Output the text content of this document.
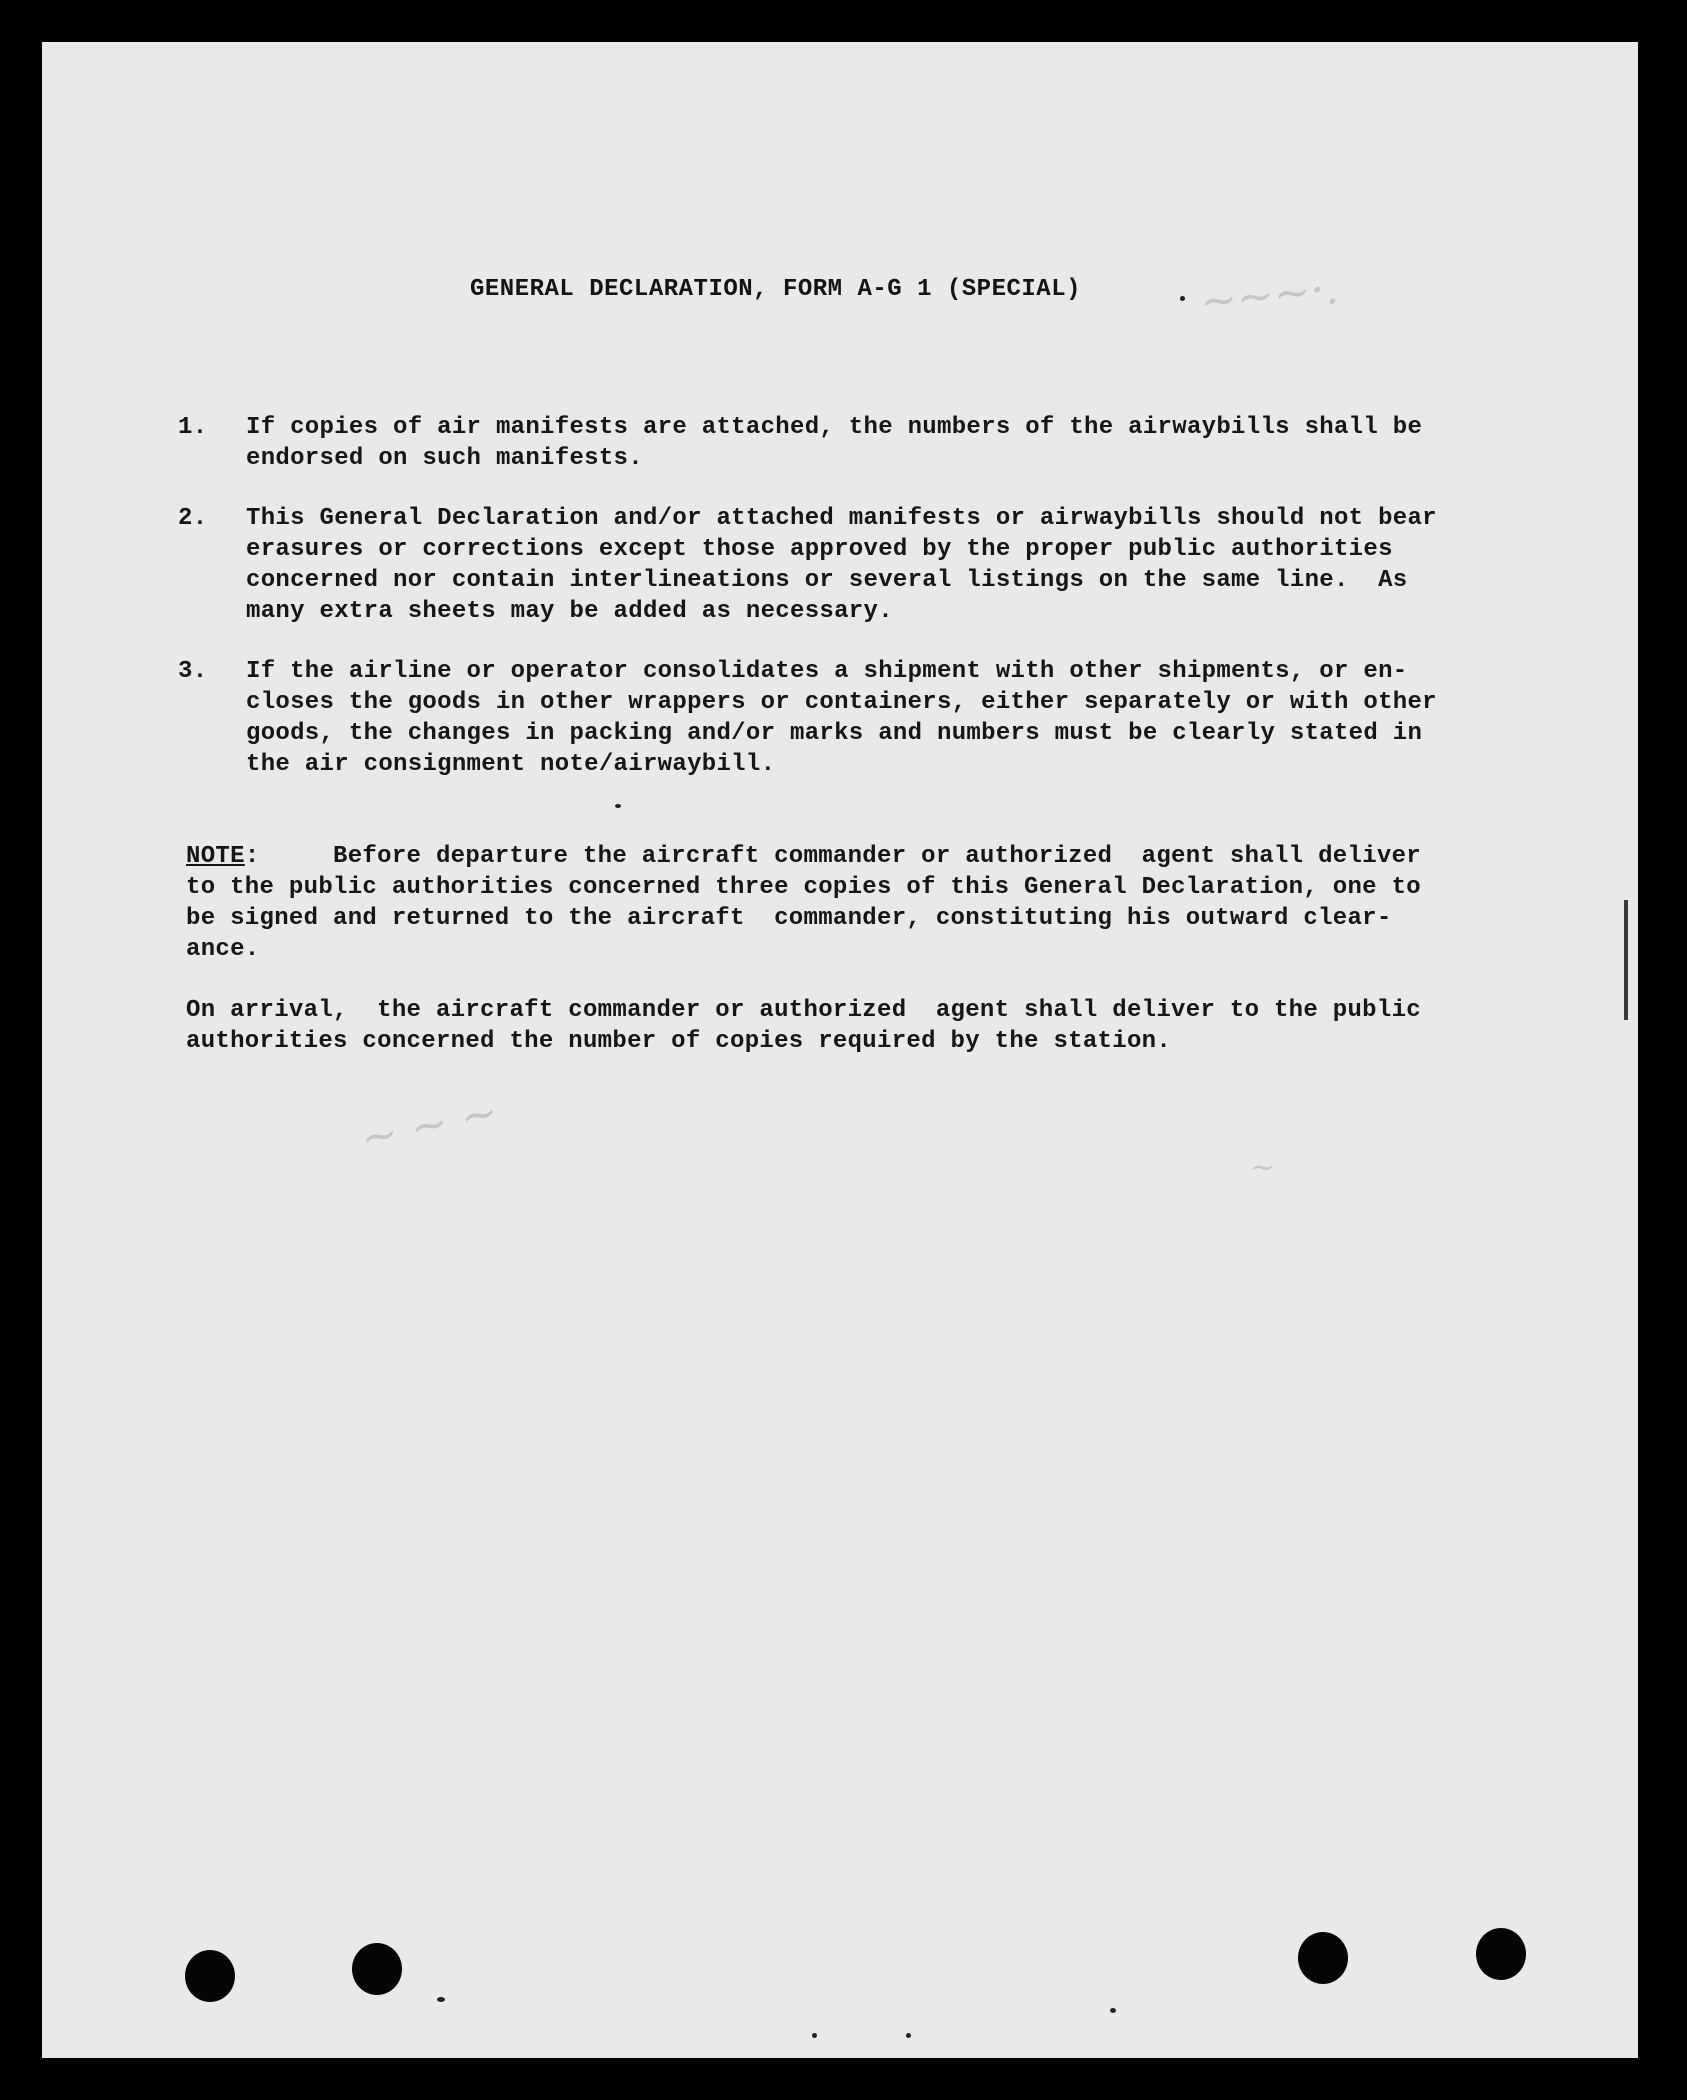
GENERAL DECLARATION, FORM A-G 1 (SPECIAL)
1. If copies of air manifests are attached, the numbers of the airwaybills shall be
endorsed on such manifests.
2. This General Declaration and/or attached manifests or airwaybills should not bear
erasures or corrections except those approved by the proper public authorities
concerned nor contain interlineations or several listings on the same line.  As
many extra sheets may be added as necessary.
3. If the airline or operator consolidates a shipment with other shipments, or en-
closes the goods in other wrappers or containers, either separately or with other
goods, the changes in packing and/or marks and numbers must be clearly stated in
the air consignment note/airwaybill.
NOTE:     Before departure the aircraft commander or authorized  agent shall deliver
to the public authorities concerned three copies of this General Declaration, one to
be signed and returned to the aircraft  commander, constituting his outward clear-
ance.
On arrival,  the aircraft commander or authorized  agent shall deliver to the public
authorities concerned the number of copies required by the station.
~~~·.
~ ~ ~
~
